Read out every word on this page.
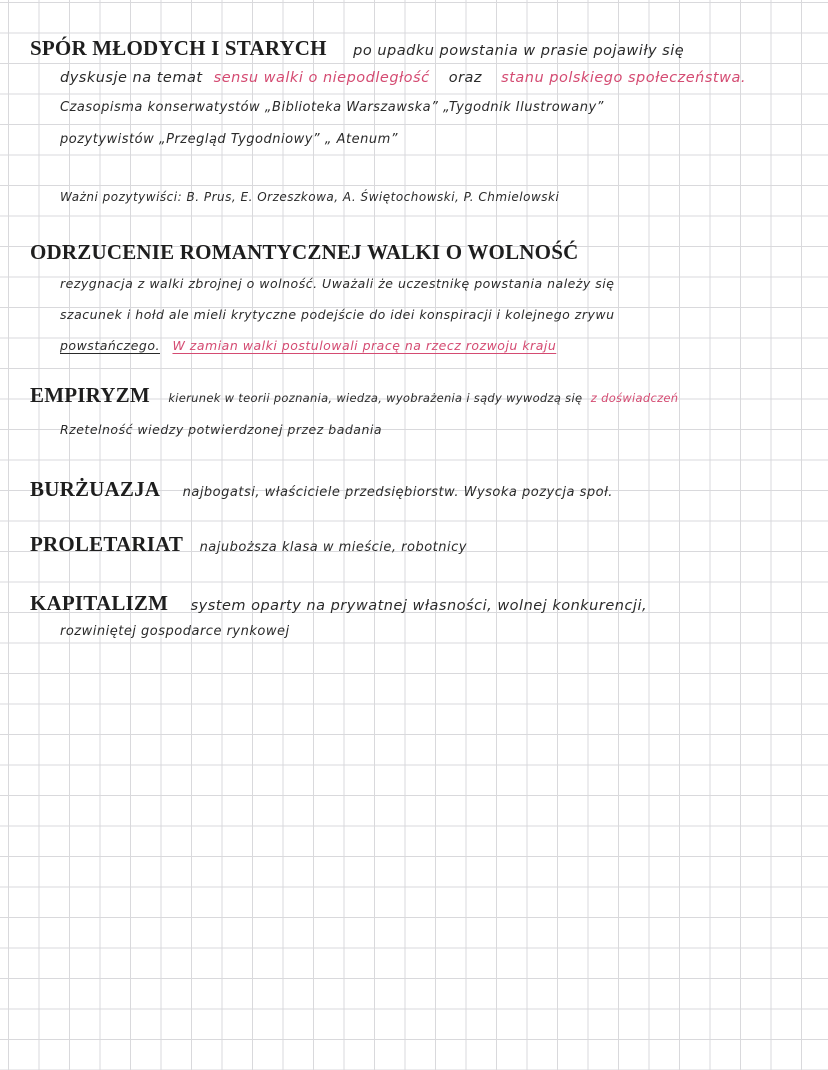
SPÓR MŁODYCH I STARYCH po upadku powstania w prasie pojawiły się
dyskusje na temat sensu walki o niepodległość oraz stanu polskiego społeczeństwa.
Czasopisma konserwatystów „Biblioteka Warszawska” „Tygodnik Ilustrowany”
pozytywistów „Przegląd Tygodniowy” „ Atenum”
Ważni pozytywiści: B. Prus, E. Orzeszkowa, A. Świętochowski, P. Chmielowski
ODRZUCENIE ROMANTYCZNEJ WALKI O WOLNOŚĆ
rezygnacja z walki zbrojnej o wolność. Uważali że uczestnikę powstania należy się
szacunek i hołd ale mieli krytyczne podejście do idei konspiracji i kolejnego zrywu
powstańczego. W zamian walki postulowali pracę na rzecz rozwoju kraju
EMPIRYZM kierunek w teorii poznania, wiedza, wyobrażenia i sądy wywodzą się z doświadczeń
Rzetelność wiedzy potwierdzonej przez badania
BURŻUAZJA najbogatsi, właściciele przedsiębiorstw. Wysoka pozycja społ.
PROLETARIAT najuboższa klasa w mieście, robotnicy
KAPITALIZM system oparty na prywatnej własności, wolnej konkurencji,
rozwiniętej gospodarce rynkowej
